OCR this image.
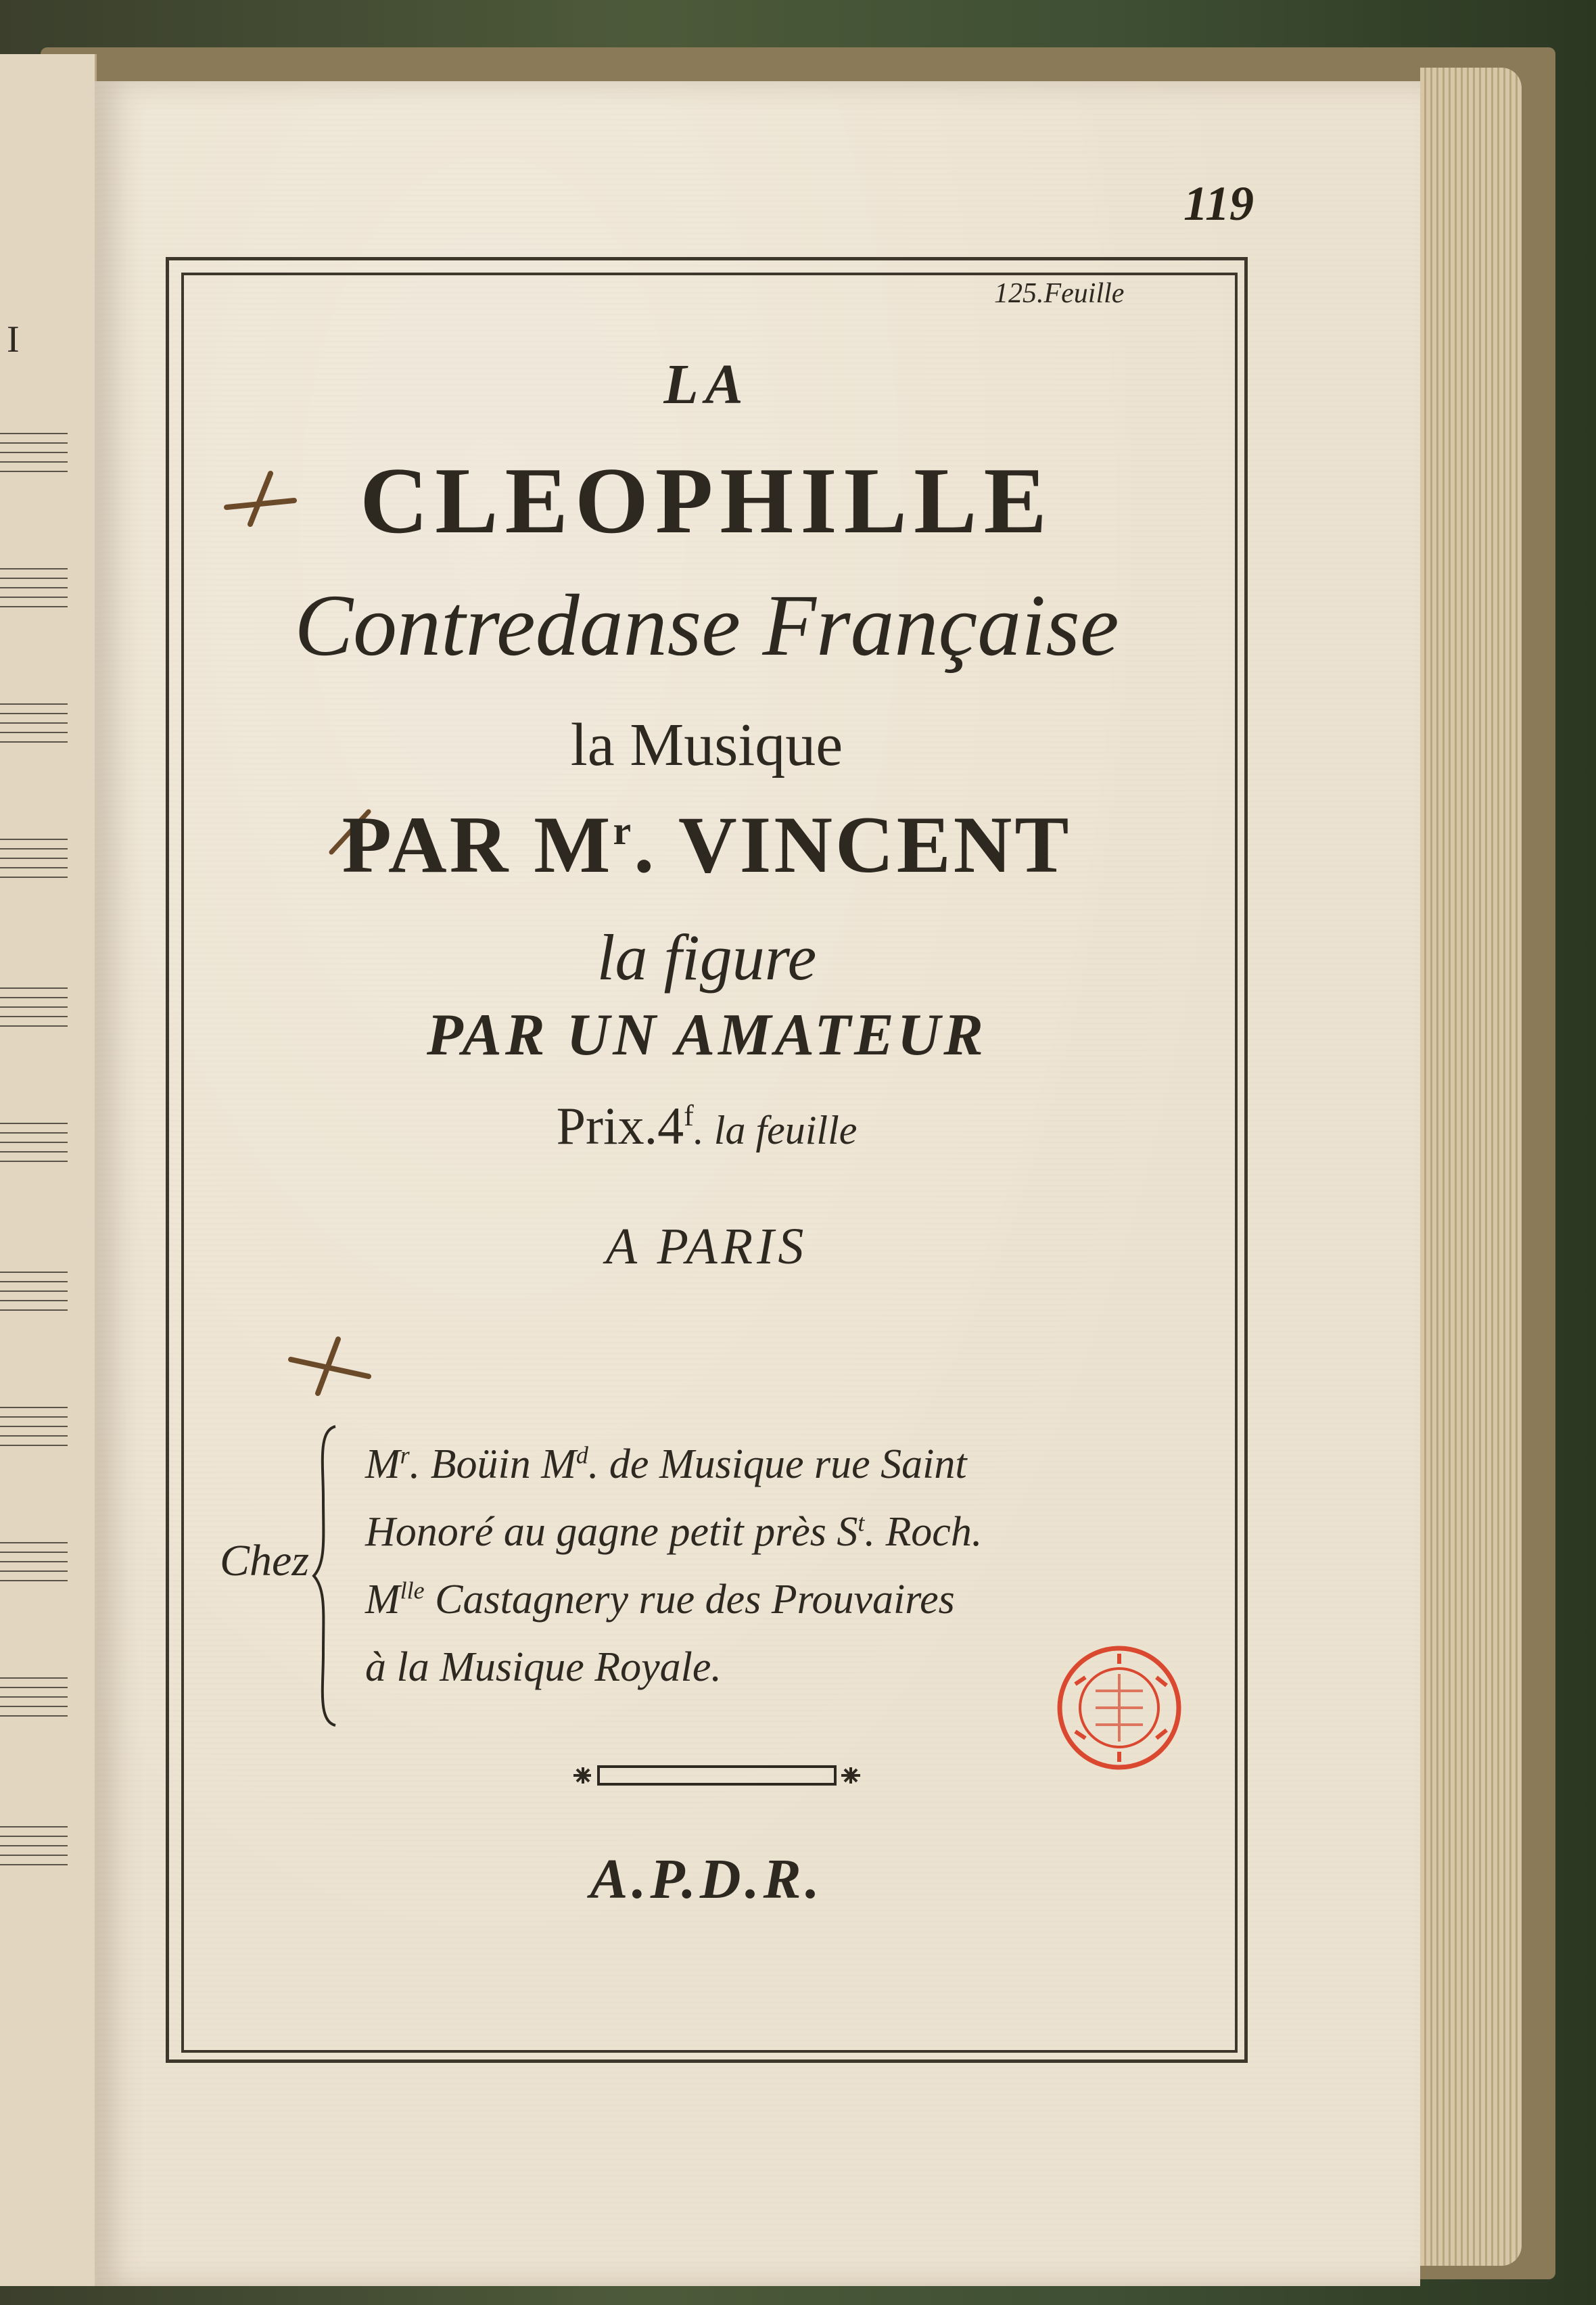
I
119

125.Feuille

LA

CLEOPHILLE

Contredanse Française

la Musique

PAR $M^r$. VINCENT

la figure

PAR UN AMATEUR

Prix.4$^f$. la feuille

A PARIS

Chez

$M^r$. Boüin $M^d$. de Musique rue Saint

Honoré au gagne petit près $S^t$. Roch.

$M^{lle}$ Castagnery rue des Prouvaires

à la Musique Royale.

A.P.D.R.
